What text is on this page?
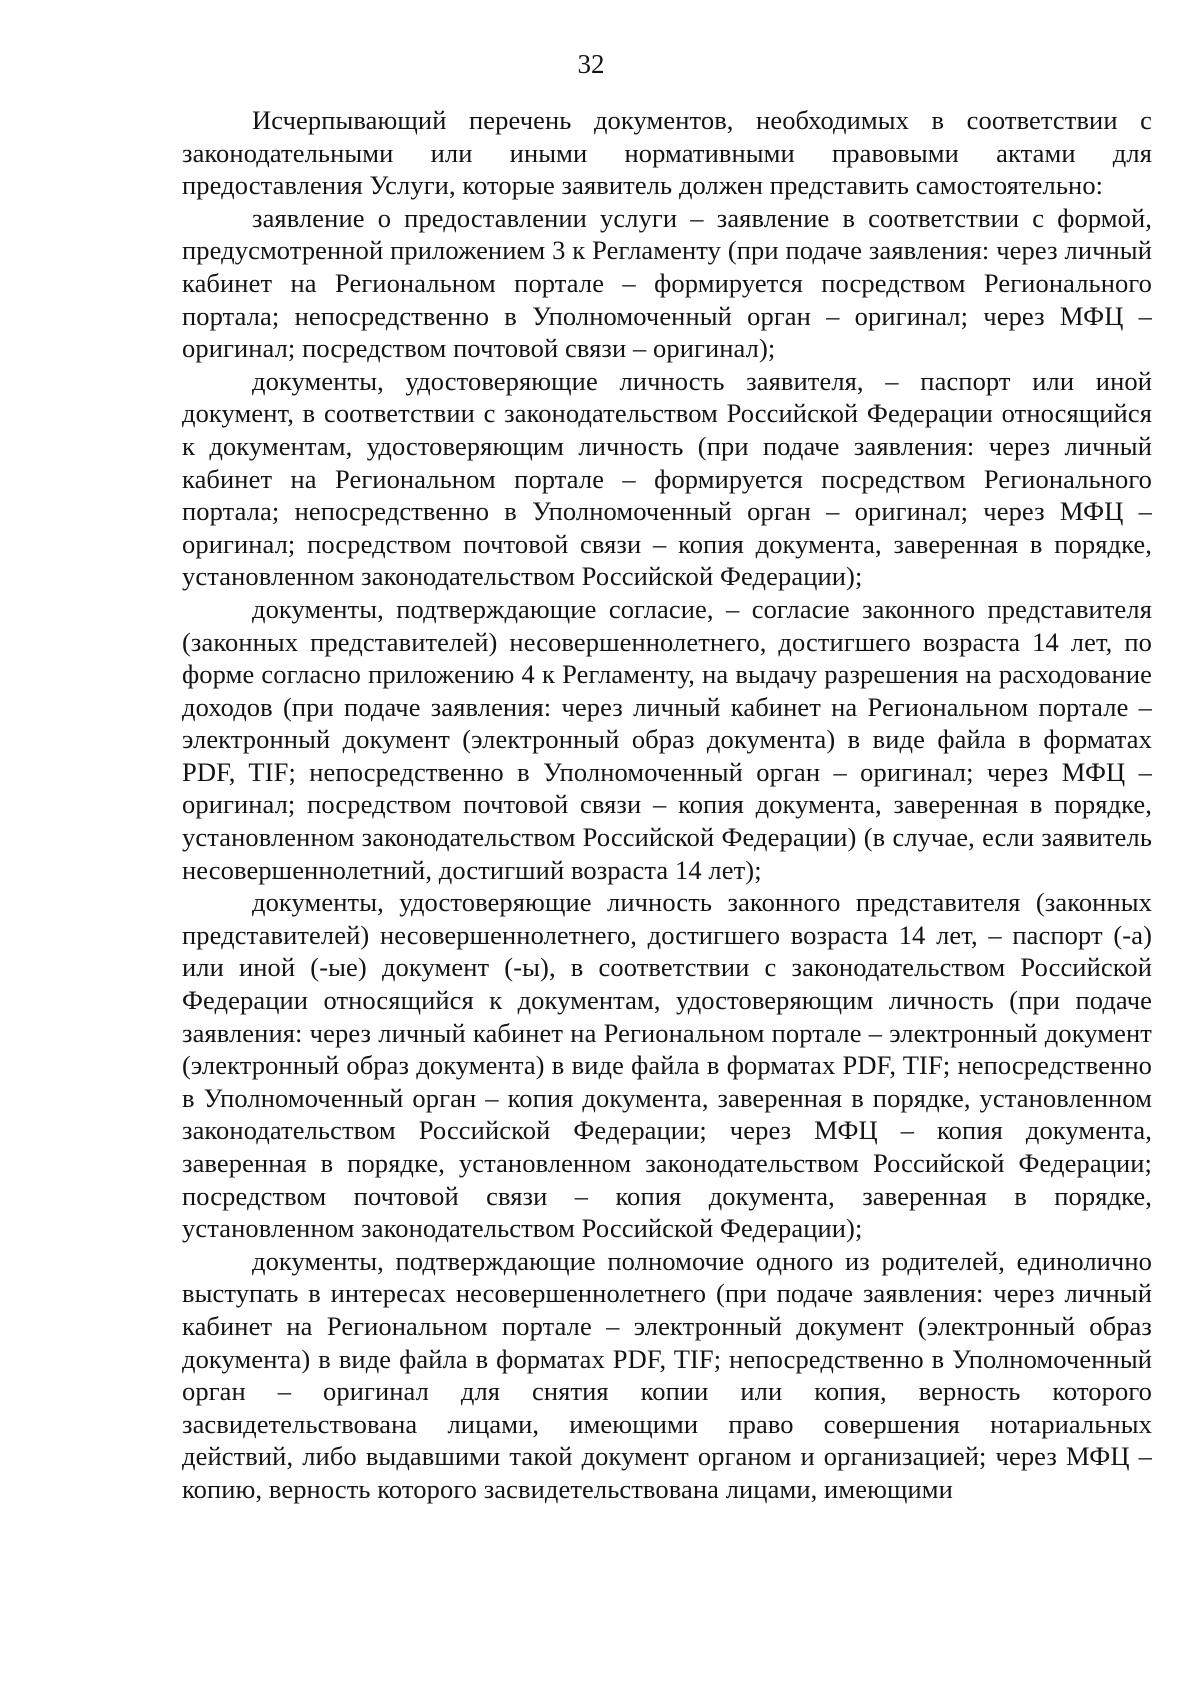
32

Исчерпывающий перечень документов, необходимых в соответствии с законодательными или иными нормативными правовыми актами для предоставления Услуги, которые заявитель должен представить самостоятельно:

заявление о предоставлении услуги – заявление в соответствии с формой, предусмотренной приложением 3 к Регламенту (при подаче заявления: через личный кабинет на Региональном портале – формируется посредством Регионального портала; непосредственно в Уполномоченный орган – оригинал; через МФЦ – оригинал; посредством почтовой связи – оригинал);

документы, удостоверяющие личность заявителя, – паспорт или иной документ, в соответствии с законодательством Российской Федерации относящийся к документам, удостоверяющим личность (при подаче заявления: через личный кабинет на Региональном портале – формируется посредством Регионального портала; непосредственно в Уполномоченный орган – оригинал; через МФЦ – оригинал; посредством почтовой связи – копия документа, заверенная в порядке, установленном законодательством Российской Федерации);

документы, подтверждающие согласие, – согласие законного представителя (законных представителей) несовершеннолетнего, достигшего возраста 14 лет, по форме согласно приложению 4 к Регламенту, на выдачу разрешения на расходование доходов (при подаче заявления: через личный кабинет на Региональном портале – электронный документ (электронный образ документа) в виде файла в форматах PDF, TIF; непосредственно в Уполномоченный орган – оригинал; через МФЦ – оригинал; посредством почтовой связи – копия документа, заверенная в порядке, установленном законодательством Российской Федерации) (в случае, если заявитель несовершеннолетний, достигший возраста 14 лет);

документы, удостоверяющие личность законного представителя (законных представителей) несовершеннолетнего, достигшего возраста 14 лет, – паспорт (-а) или иной (-ые) документ (-ы), в соответствии с законодательством Российской Федерации относящийся к документам, удостоверяющим личность (при подаче заявления: через личный кабинет на Региональном портале – электронный документ (электронный образ документа) в виде файла в форматах PDF, TIF; непосредственно в Уполномоченный орган – копия документа, заверенная в порядке, установленном законодательством Российской Федерации; через МФЦ – копия документа, заверенная в порядке, установленном законодательством Российской Федерации; посредством почтовой связи – копия документа, заверенная в порядке, установленном законодательством Российской Федерации);

документы, подтверждающие полномочие одного из родителей, единолично выступать в интересах несовершеннолетнего (при подаче заявления: через личный кабинет на Региональном портале – электронный документ (электронный образ документа) в виде файла в форматах PDF, TIF; непосредственно в Уполномоченный орган – оригинал для снятия копии или копия, верность которого засвидетельствована лицами, имеющими право совершения нотариальных действий, либо выдавшими такой документ органом и организацией; через МФЦ – копию, верность которого засвидетельствована лицами, имеющими
